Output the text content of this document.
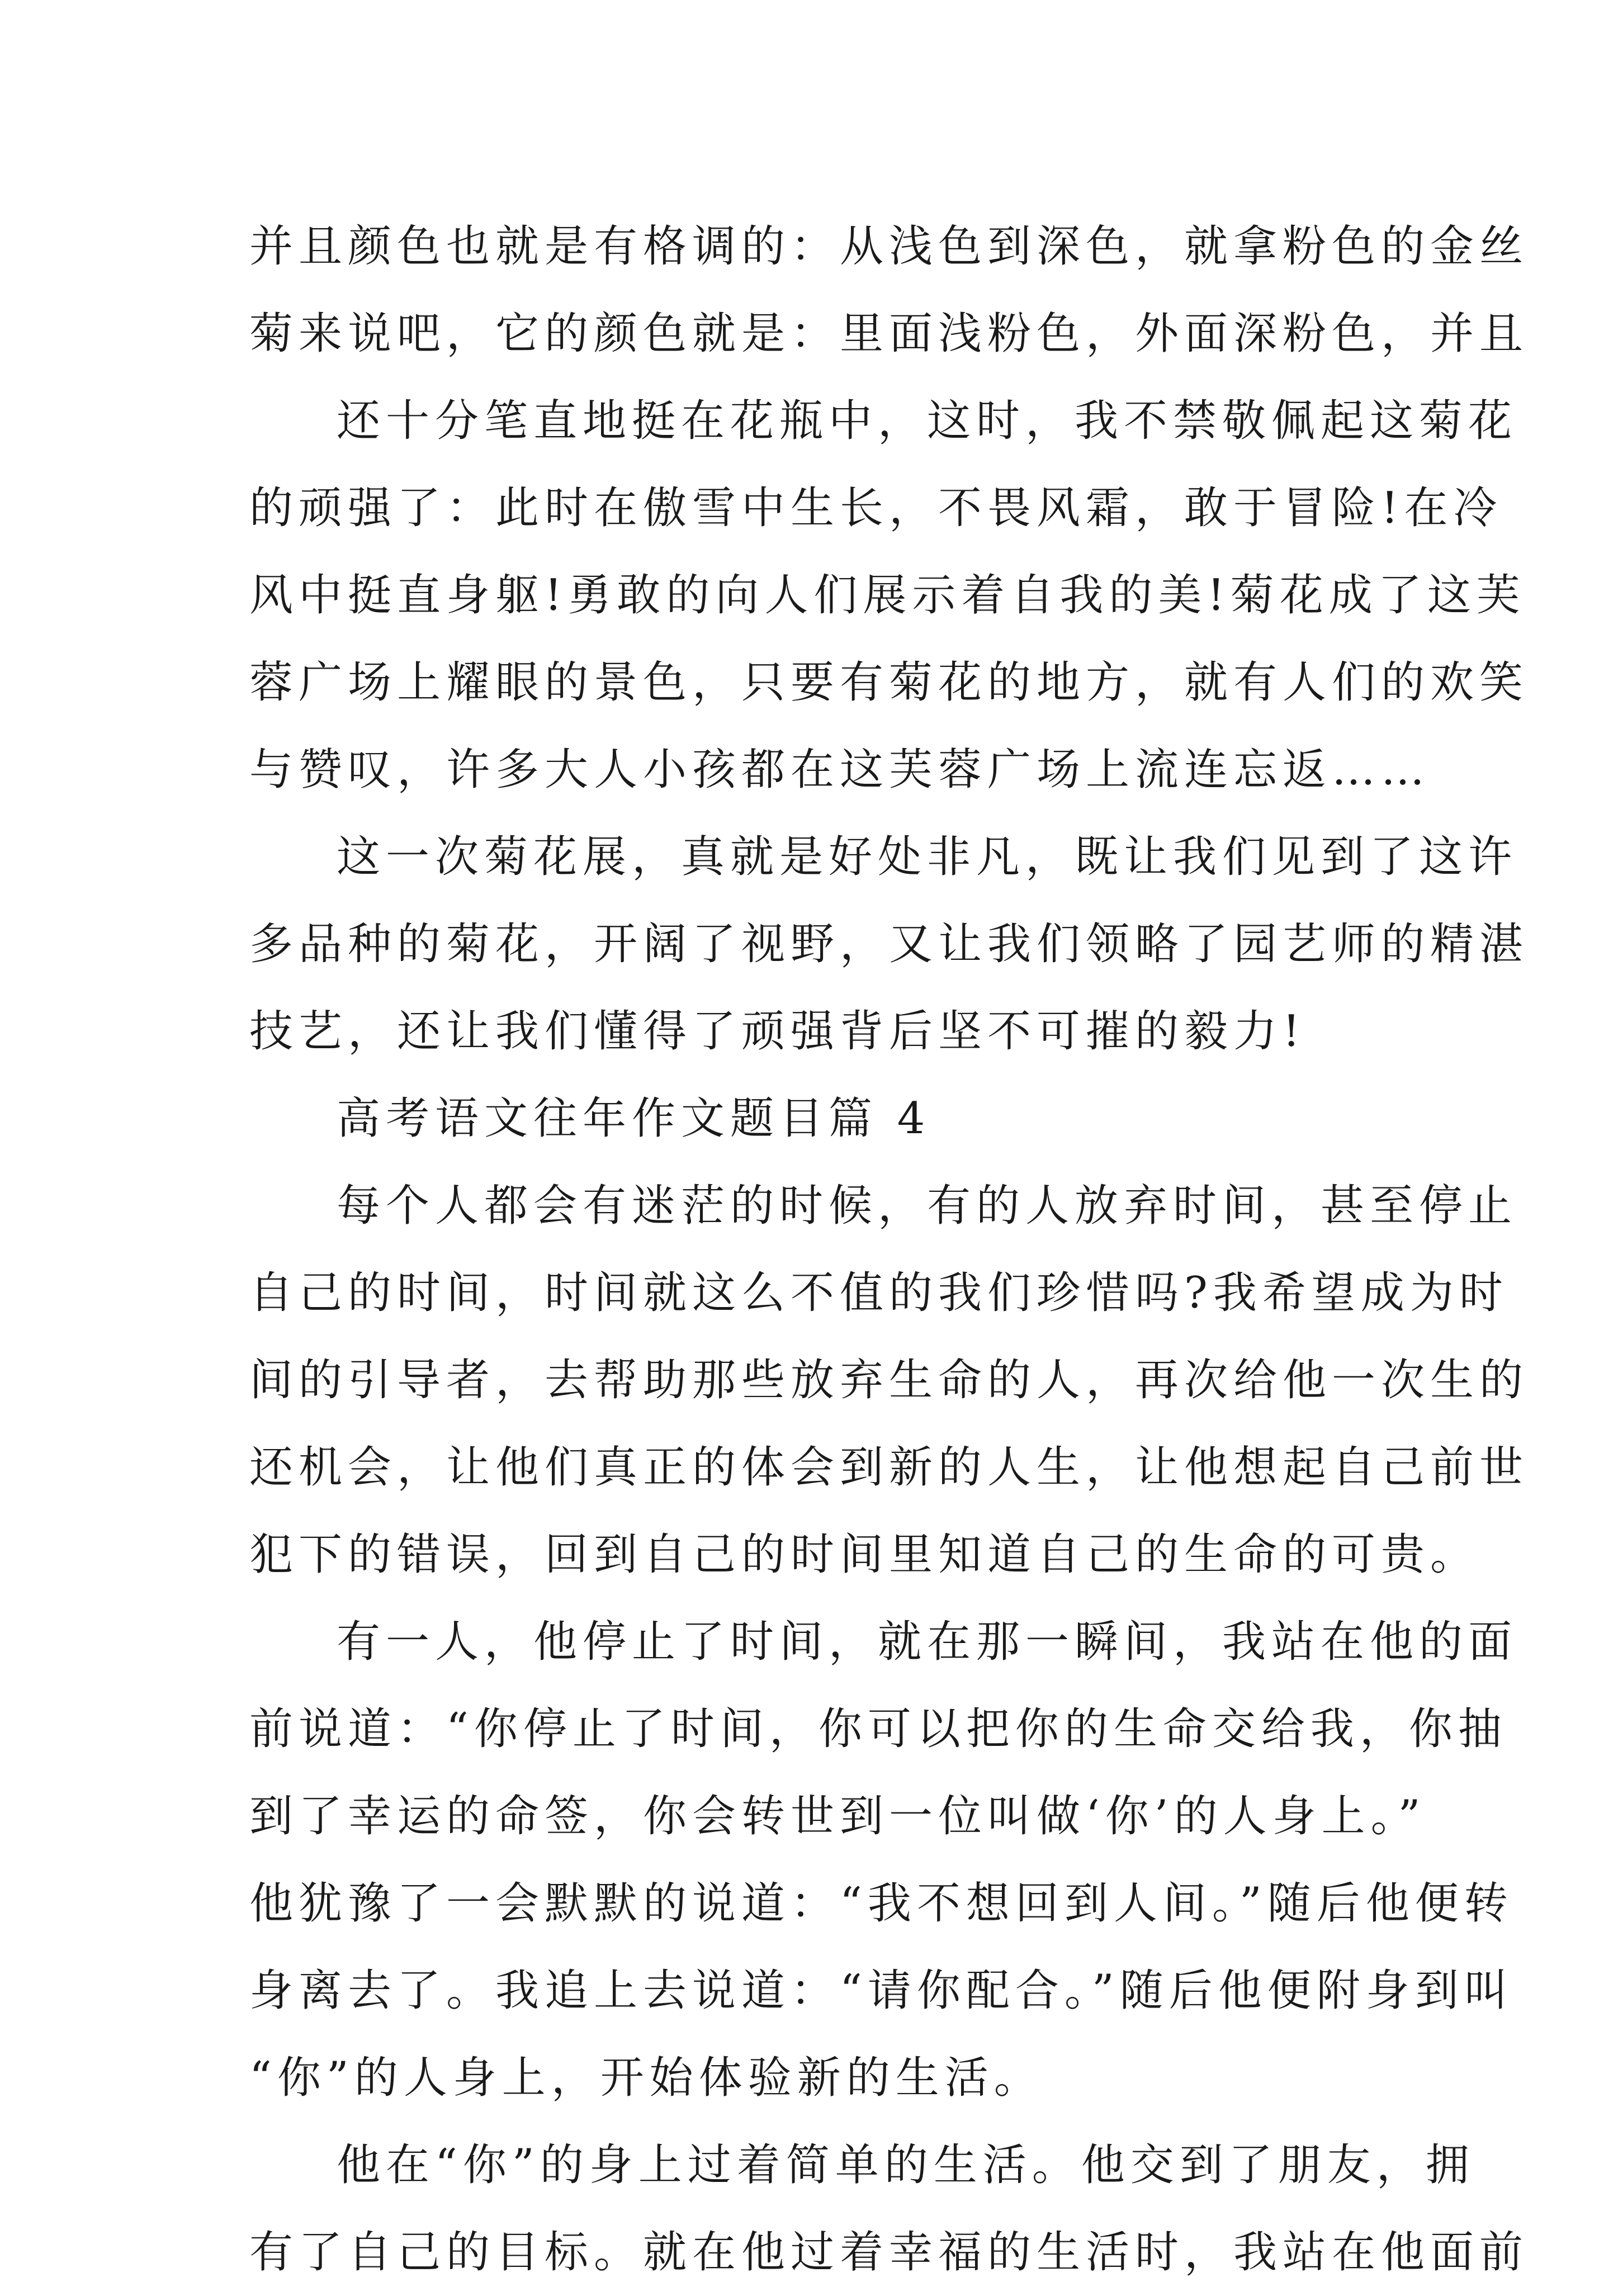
并且颜色也就是有格调的：从浅色到深色，就拿粉色的金丝
菊来说吧，它的颜色就是：里面浅粉色，外面深粉色，并且
还十分笔直地挺在花瓶中，这时，我不禁敬佩起这菊花
的顽强了：此时在傲雪中生长，不畏风霜，敢于冒险!在冷
风中挺直身躯!勇敢的向人们展示着自我的美!菊花成了这芙
蓉广场上耀眼的景色，只要有菊花的地方，就有人们的欢笑
与赞叹，许多大人小孩都在这芙蓉广场上流连忘返……
这一次菊花展，真就是好处非凡，既让我们见到了这许
多品种的菊花，开阔了视野，又让我们领略了园艺师的精湛
技艺，还让我们懂得了顽强背后坚不可摧的毅力!
高考语文往年作文题目篇 4
每个人都会有迷茫的时候，有的人放弃时间，甚至停止
自己的时间，时间就这么不值的我们珍惜吗?我希望成为时
间的引导者，去帮助那些放弃生命的人，再次给他一次生的
还机会，让他们真正的体会到新的人生，让他想起自己前世
犯下的错误，回到自己的时间里知道自己的生命的可贵。
有一人，他停止了时间，就在那一瞬间，我站在他的面
前说道：“你停止了时间，你可以把你的生命交给我，你抽
到了幸运的命签，你会转世到一位叫做‘你’的人身上。”
他犹豫了一会默默的说道：“我不想回到人间。”随后他便转
身离去了。我追上去说道：“请你配合。”随后他便附身到叫
“你”的人身上，开始体验新的生活。
他在“你”的身上过着简单的生活。他交到了朋友，拥
有了自己的目标。就在他过着幸福的生活时，我站在他面前
